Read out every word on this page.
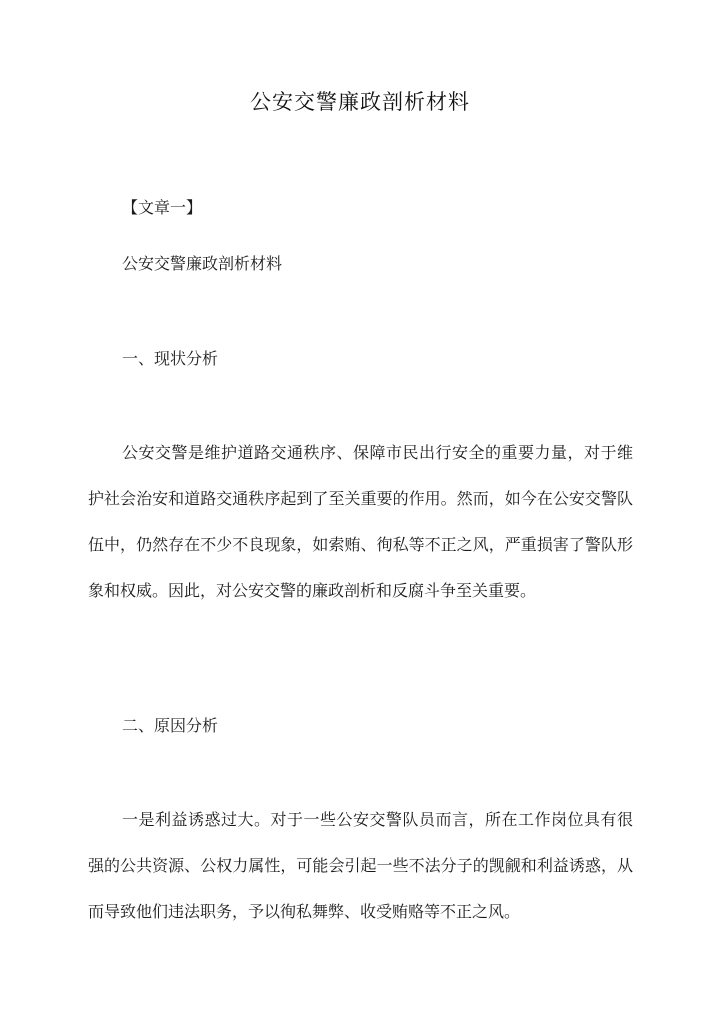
公安交警廉政剖析材料
【文章一】
公安交警廉政剖析材料
一、现状分析
公安交警是维护道路交通秩序、保障市民出行安全的重要力量，对于维护社会治安和道路交通秩序起到了至关重要的作用。然而，如今在公安交警队伍中，仍然存在不少不良现象，如索贿、徇私等不正之风，严重损害了警队形象和权威。因此，对公安交警的廉政剖析和反腐斗争至关重要。
二、原因分析
一是利益诱惑过大。对于一些公安交警队员而言，所在工作岗位具有很强的公共资源、公权力属性，可能会引起一些不法分子的觊觎和利益诱惑，从而导致他们违法职务，予以徇私舞弊、收受贿赂等不正之风。
